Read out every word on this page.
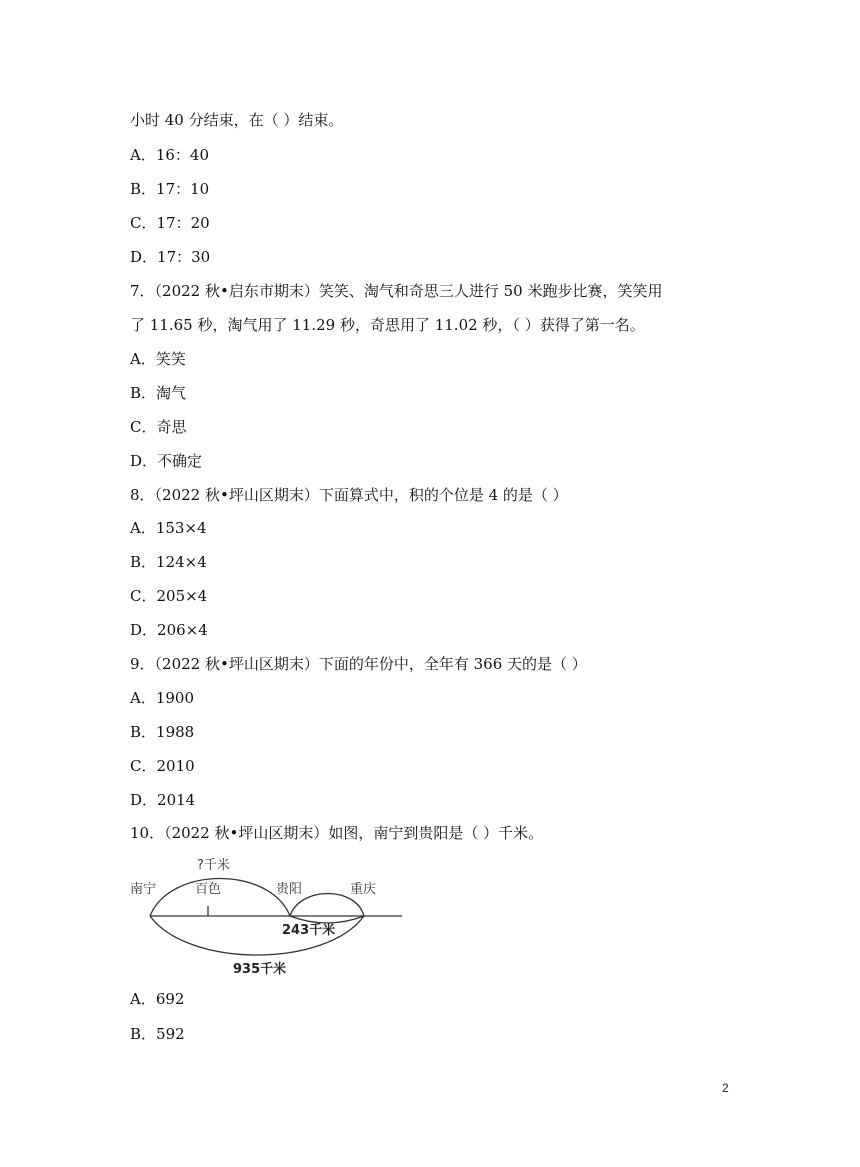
小时 40 分结束，在（ ）结束。
A．16：40
B．17：10
C．17：20
D．17：30
7．（2022 秋•启东市期末）笑笑、淘气和奇思三人进行 50 米跑步比赛，笑笑用
了 11.65 秒，淘气用了 11.29 秒，奇思用了 11.02 秒，（ ）获得了第一名。
A．笑笑
B．淘气
C．奇思
D．不确定
8．（2022 秋•坪山区期末）下面算式中，积的个位是 4 的是（ ）
A．153×4
B．124×4
C．205×4
D．206×4
9．（2022 秋•坪山区期末）下面的年份中，全年有 366 天的是（ ）
A．1900
B．1988
C．2010
D．2014
10．（2022 秋•坪山区期末）如图，南宁到贵阳是（ ）千米。
南宁	百色	贵阳	重庆
?千米
243千米
935千米
A．692
B．592
2
